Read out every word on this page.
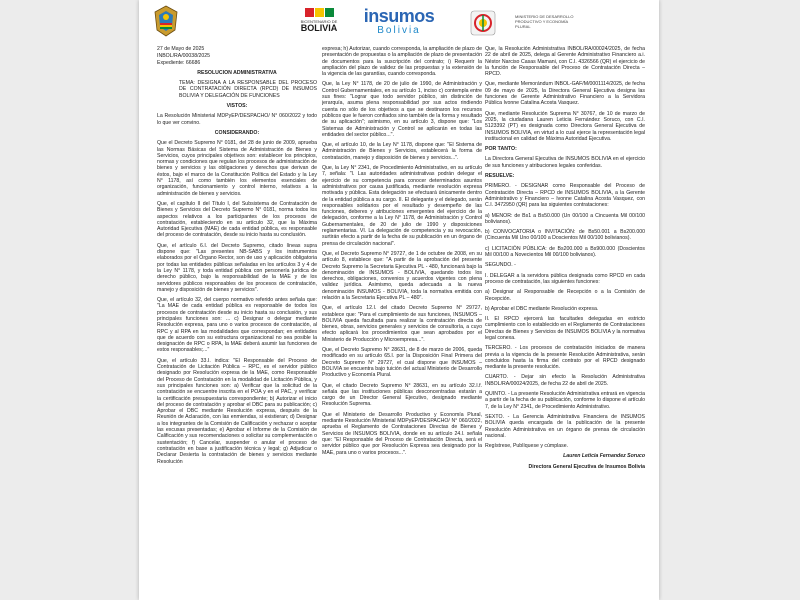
BICENTENARIO DE
BOLIVIA
insumos
Bolivia
MINISTERIO DE DESARROLLO PRODUCTIVO Y ECONOMÍA PLURAL

27 de Mayo de 2025

INBOL/RA/00038/2025

Expediente: 66686

RESOLUCION ADMINISTRATIVA

TEMA: DESIGNA A LA RESPONSABLE DEL PROCESO DE CONTRATACIÓN DIRECTA (RPCD) DE INSUMOS BOLIVIA Y DELEGACIÓN DE FUNCIONES

VISTOS:

La Resolución Ministerial MDPyEP/DESPACHO/ N° 060/2022 y todo lo que ver convino.

CONSIDERANDO:

Que el Decreto Supremo N° 0181, del 28 de junio de 2009, aprueba las Normas Básicas del Sistema de Administración de Bienes y Servicios, cuyos principales objetivos son: establecer los principios, normas y condiciones que regulan los procesos de administración de bienes y servicios y las obligaciones y derechos que derivan de éstos, bajo el marco de la Constitución Política del Estado y la Ley N° 1178, así como también los elementos esenciales de organización, funcionamiento y control interno, relativos a la administración de bienes y servicios.

Que, el capítulo II del Título I, del Subsistema de Contratación de Bienes y Servicios del Decreto Supremo N° 0181, norma todos los aspectos relativos a los participantes de los procesos de contratación, estableciendo en su artículo 32, que la Máxima Autoridad Ejecutiva (MAE) de cada entidad pública, es responsable del proceso de contratación, desde su inicio hasta su conclusión.

Que, el artículo 6.I. del Decreto Supremo, citado líneas supra dispone que: "Las presentes NB-SABS y los instrumentos elaborados por el Órgano Rector, son de uso y aplicación obligatoria por todas las entidades públicas señaladas en los artículos 3 y 4 de la Ley N° 1178, y toda entidad pública con personería jurídica de derecho público, bajo la responsabilidad de la MAE y de los servidores públicos responsables de los procesos de contratación, manejo y disposición de bienes y servicios".

Que, el artículo 32, del cuerpo normativo referido antes señala que: "La MAE de cada entidad pública es responsable de todos los procesos de contratación desde su inicio hasta su conclusión, y sus principales funciones son: ... c) Designar o delegar mediante Resolución expresa, para uno o varios procesos de contratación, al RPC y al RPA en las modalidades que correspondan; en entidades que de acuerdo con su estructura organizacional no sea posible la designación de RPC o RPA, la MAE deberá asumir las funciones de estos responsables;..."

Que, el artículo 33.I. indica: "El Responsable del Proceso de Contratación de Licitación Pública – RPC, es el servidor público designado por Resolución expresa de la MAE, como Responsable del Proceso de Contratación en la modalidad de Licitación Pública, y sus principales funciones son: a) Verificar que la solicitud de la contratación se encuentre inscrita en el POA y en el PAC, y verificar la certificación presupuestaria correspondiente; b) Autorizar el inicio del proceso de contratación y aprobar el DBC para su publicación; c) Aprobar el DBC mediante Resolución expresa, después de la Reunión de Aclaración, con las enmiendas, si existieran; d) Designar a los integrantes de la Comisión de Calificación y rechazar o aceptar las excusas presentadas; e) Aprobar el Informe de la Comisión de Calificación y sus recomendaciones o solicitar su complementación o sustentación; f) Cancelar, suspender o anular el proceso de contratación en base a justificación técnica y legal; g) Adjudicar o Declarar Desierta la contratación de bienes y servicios mediante Resolución

expresa; h) Autorizar, cuando corresponda, la ampliación de plazo de presentación de propuestas o la ampliación de plazo de presentación de documentos para la suscripción del contrato; i) Requerir la ampliación del plazo de validez de las propuestas y la extensión de la vigencia de las garantías, cuando corresponda.

Que, la Ley N° 1178, de 20 de julio de 1990, de Administración y Control Gubernamentales, en su artículo 1, inciso c) contempla entre sus fines: "Lograr que todo servidor público, sin distinción de jerarquía, asuma plena responsabilidad por sus actos rindiendo cuenta no sólo de los objetivos a que se destinaron los recursos públicos que le fueron confiados sino también de la forma y resultado de su aplicación"; asimismo, en su artículo 3, dispone que: "Los Sistemas de Administración y Control se aplicarán en todas las entidades del sector público...".

Que, el artículo 10, de la Ley N° 1178, dispone que: "El Sistema de Administración de Bienes y Servicios, establecerá la forma de contratación, manejo y disposición de bienes y servicios...".

Que, la Ley N° 2341, de Procedimiento Administrativo, en su artículo 7, señala: "I. Las autoridades administrativas podrán delegar el ejercicio de su competencia para conocer determinados asuntos administrativos por causa justificada, mediante resolución expresa motivada y pública. Esta delegación se efectuará únicamente dentro de la entidad pública a su cargo. II. El delegante y el delegado, serán responsables solidarios por el resultado y desempeño de las funciones, deberes y atribuciones emergentes del ejercicio de la delegación, conforme a la Ley N° 1178, de Administración y Control Gubernamentales, de 20 de julio de 1990 y disposiciones reglamentarias. VI. La delegación de competencia y su revocación, surtirán efecto a partir de la fecha de su publicación en un órgano de prensa de circulación nacional".

Que, el Decreto Supremo N° 29727, de 1 de octubre de 2008, en su artículo 8, establece que: "A partir de la aprobación del presente Decreto Supremo la Secretaria Ejecutiva PL - 480, funcionará bajo la denominación de INSUMOS - BOLIVIA, quedando todos los derechos, obligaciones, convenios y acuerdos vigentes con plena validez jurídica. Asimismo, queda adecuada a la nueva denominación INSUMOS - BOLIVIA, toda la normativa emitida con relación a la Secretaria Ejecutiva PL – 480".

Que, el artículo 12.I. del citado Decreto Supremo N° 29727, establece que: "Para el cumplimiento de sus funciones, INSUMOS – BOLIVIA queda facultada para realizar la contratación directa de bienes, obras, servicios generales y servicios de consultoría, a cuyo efecto aplicará los procedimientos que sean aprobados por el Ministerio de Producción y Microempresa...".

Que, el Decreto Supremo N° 28631, de 8 de marzo de 2006, queda modificado en su artículo 65.I. por la Disposición Final Primera del Decreto Supremo N° 29727, el cual dispone que INSUMOS – BOLIVIA se encuentra bajo tuición del actual Ministerio de Desarrollo Productivo y Economía Plural.

Que, el citado Decreto Supremo N° 28631, en su artículo 32.I.f. señala que las instituciones públicas desconcentradas estarán a cargo de un Director General Ejecutivo, designado mediante Resolución Suprema.

Que el Ministerio de Desarrollo Productivo y Economía Plural, mediante Resolución Ministerial MDPyEP/DESPACHO/ N° 060/2022, aprueba el Reglamento de Contrataciones Directas de Bienes y Servicios de INSUMOS BOLIVIA, donde en su artículo 24.I. señala que: "El Responsable del Proceso de Contratación Directa, será el servidor público que por Resolución Expresa sea designado por la MAE, para uno o varios procesos...".

Que, la Resolución Administrativa INBOL/RA/00024/2025, de fecha 22 de abril de 2025, delega al Gerente Administrativo Financiero a.i. Néstor Narciso Casas Mamani, con C.I. 4326566 (QR) el ejercicio de la función de Responsable del Proceso de Contratación Directa – RPCD.

Que, mediante Memorándum INBOL-GAF/M/0001114/2025, de fecha 09 de mayo de 2025, la Directora General Ejecutiva designa las funciones de Gerente Administrativo Financiero a la Servidora Pública Ivonne Catalina Acosta Vasquez.

Que, mediante Resolución Suprema N° 30767, de 10 de marzo de 2025, la ciudadana Lauren Leticia Fernández Soruco, con C.I. 5123392 (PT) es designada como Directora General Ejecutiva de INSUMOS BOLIVIA, en virtud a lo cual ejerce la representación legal institucional en calidad de Máxima Autoridad Ejecutiva.

POR TANTO:

La Directora General Ejecutiva de INSUMOS BOLIVIA en el ejercicio de sus funciones y atribuciones legales conferidas.

RESUELVE:

PRIMERO. - DESIGNAR como Responsable del Proceso de Contratación Directa – RPCD de INSUMOS BOLIVIA, a la Gerente Administrativo y Financiero – Ivonne Catalina Acosta Vasquez, con C.I. 3472950 (QR) para las siguientes contrataciones:

a) MENOR: de Bs1 a Bs50.000 (Un 00/100 a Cincuenta Mil 00/100 bolivianos).

b) CONVOCATORIA o INVITACIÓN: de Bs50.001 a Bs200.000 (Cincuenta Mil Uno 00/100 a Doscientos Mil 00/100 bolivianos).

c) LICITACIÓN PÚBLICA: de Bs200.000 a Bs900.000 (Doscientos Mil 00/100 a Novecientos Mil 00/100 bolivianos).

SEGUNDO. -

I. DELEGAR a la servidora pública designada como RPCD en cada proceso de contratación, las siguientes funciones:

a) Designar al Responsable de Recepción o a la Comisión de Recepción.

b) Aprobar el DBC mediante Resolución expresa.

II. El RPCD ejercerá las facultades delegadas en estricto cumplimiento con lo establecido en el Reglamento de Contrataciones Directas de Bienes y Servicios de INSUMOS BOLIVIA y la normativa legal conexa.

TERCERO. - Los procesos de contratación iniciados de manera previa a la vigencia de la presente Resolución Administrativa, serán concluidos hasta la firma del contrato por el RPCD designado mediante la presente resolución.

CUARTO. - Dejar sin efecto la Resolución Administrativa INBOL/RA/00024/2025, de fecha 22 de abril de 2025.

QUINTO. - La presente Resolución Administrativa entrará en vigencia a partir de la fecha de su publicación, conforme lo dispone el artículo 7, de la Ley N° 2341, de Procedimiento Administrativo.

SEXTO. - La Gerencia Administrativa Financiera de INSUMOS BOLIVIA queda encargada de la publicación de la presente Resolución Administrativa en un órgano de prensa de circulación nacional.

Regístrese, Publíquese y cúmplase.

Lauren Leticia Fernandez Soruco

Directora General Ejecutiva de Insumos Bolivia
